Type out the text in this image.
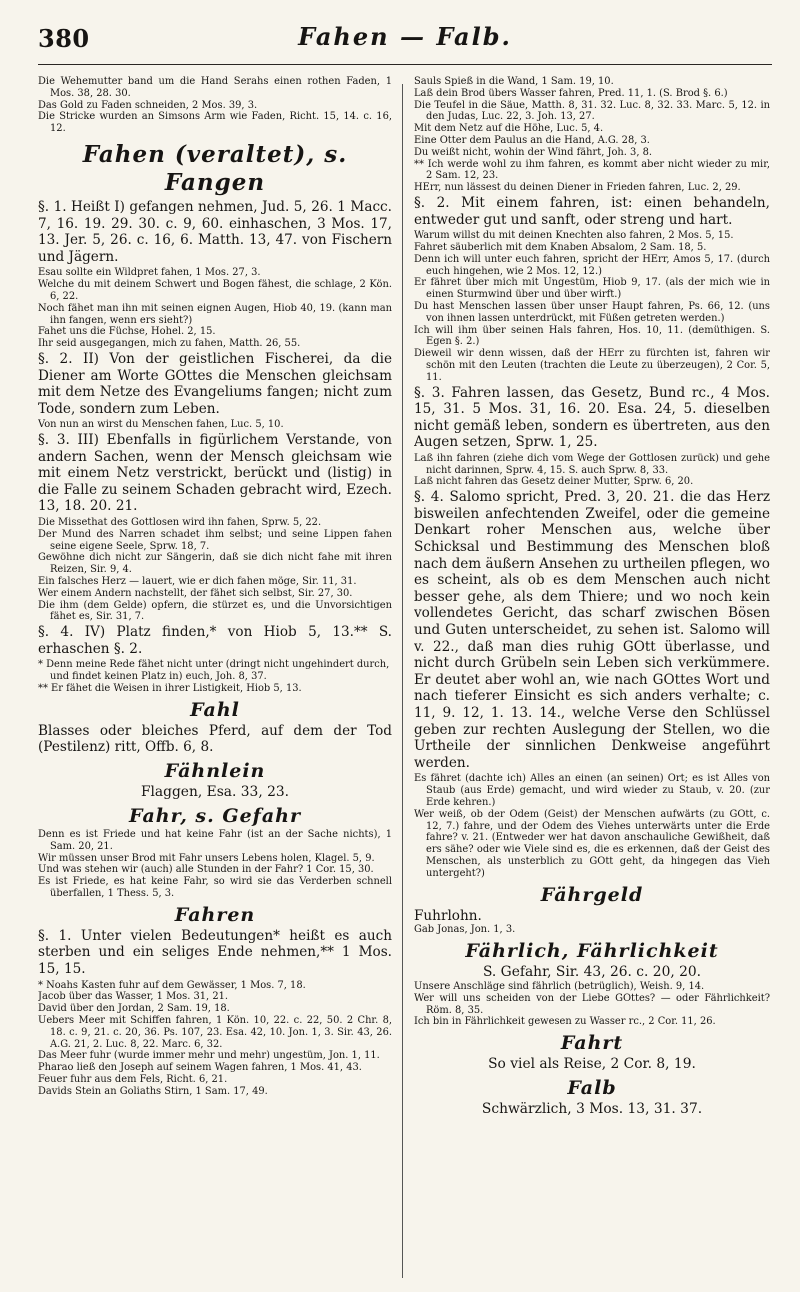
380	Fahen — Falb.

Die Wehemutter band um die Hand Serahs einen rothen Faden, 1 Mos. 38, 28. 30.

Das Gold zu Faden schneiden, 2 Mos. 39, 3.

Die Stricke wurden an Simsons Arm wie Faden, Richt. 15, 14. c. 16, 12.

Fahen (veraltet), s. Fangen

§. 1. Heißt I) gefangen nehmen, Jud. 5, 26. 1 Macc. 7, 16. 19. 29. 30. c. 9, 60. einhaschen, 3 Mos. 17, 13. Jer. 5, 26. c. 16, 6. Matth. 13, 47. von Fischern und Jägern.

Esau sollte ein Wildpret fahen, 1 Mos. 27, 3.

Welche du mit deinem Schwert und Bogen fähest, die schlage, 2 Kön. 6, 22.

Noch fähet man ihn mit seinen eignen Augen, Hiob 40, 19. (kann man ihn fangen, wenn ers sieht?)

Fahet uns die Füchse, Hohel. 2, 15.

Ihr seid ausgegangen, mich zu fahen, Matth. 26, 55.

§. 2. II) Von der geistlichen Fischerei, da die Diener am Worte GOttes die Menschen gleichsam mit dem Netze des Evangeliums fangen; nicht zum Tode, sondern zum Leben.

Von nun an wirst du Menschen fahen, Luc. 5, 10.

§. 3. III) Ebenfalls in figürlichem Verstande, von andern Sachen, wenn der Mensch gleichsam wie mit einem Netz verstrickt, berückt und (listig) in die Falle zu seinem Schaden gebracht wird, Ezech. 13, 18. 20. 21.

Die Missethat des Gottlosen wird ihn fahen, Sprw. 5, 22.

Der Mund des Narren schadet ihm selbst; und seine Lippen fahen seine eigene Seele, Sprw. 18, 7.

Gewöhne dich nicht zur Sängerin, daß sie dich nicht fahe mit ihren Reizen, Sir. 9, 4.

Ein falsches Herz — lauert, wie er dich fahen möge, Sir. 11, 31.

Wer einem Andern nachstellt, der fähet sich selbst, Sir. 27, 30.

Die ihm (dem Gelde) opfern, die stürzet es, und die Unvorsichtigen fähet es, Sir. 31, 7.

§. 4. IV) Platz finden,* von Hiob 5, 13.** S. erhaschen §. 2.

* Denn meine Rede fähet nicht unter (dringt nicht ungehindert durch, und findet keinen Platz in) euch, Joh. 8, 37.

** Er fähet die Weisen in ihrer Listigkeit, Hiob 5, 13.

Fahl

Blasses oder bleiches Pferd, auf dem der Tod (Pestilenz) ritt, Offb. 6, 8.

Fähnlein

Flaggen, Esa. 33, 23.

Fahr, s. Gefahr

Denn es ist Friede und hat keine Fahr (ist an der Sache nichts), 1 Sam. 20, 21.

Wir müssen unser Brod mit Fahr unsers Lebens holen, Klagel. 5, 9.

Und was stehen wir (auch) alle Stunden in der Fahr? 1 Cor. 15, 30.

Es ist Friede, es hat keine Fahr, so wird sie das Verderben schnell überfallen, 1 Thess. 5, 3.

Fahren

§. 1. Unter vielen Bedeutungen* heißt es auch sterben und ein seliges Ende nehmen,** 1 Mos. 15, 15.

* Noahs Kasten fuhr auf dem Gewässer, 1 Mos. 7, 18.

Jacob über das Wasser, 1 Mos. 31, 21.

David über den Jordan, 2 Sam. 19, 18.

Uebers Meer mit Schiffen fahren, 1 Kön. 10, 22. c. 22, 50. 2 Chr. 8, 18. c. 9, 21. c. 20, 36. Ps. 107, 23. Esa. 42, 10. Jon. 1, 3. Sir. 43, 26. A.G. 21, 2. Luc. 8, 22. Marc. 6, 32.

Das Meer fuhr (wurde immer mehr und mehr) ungestüm, Jon. 1, 11.

Pharao ließ den Joseph auf seinem Wagen fahren, 1 Mos. 41, 43.

Feuer fuhr aus dem Fels, Richt. 6, 21.

Davids Stein an Goliaths Stirn, 1 Sam. 17, 49.

Sauls Spieß in die Wand, 1 Sam. 19, 10.

Laß dein Brod übers Wasser fahren, Pred. 11, 1. (S. Brod §. 6.)

Die Teufel in die Säue, Matth. 8, 31. 32. Luc. 8, 32. 33. Marc. 5, 12. in den Judas, Luc. 22, 3. Joh. 13, 27.

Mit dem Netz auf die Höhe, Luc. 5, 4.

Eine Otter dem Paulus an die Hand, A.G. 28, 3.

Du weißt nicht, wohin der Wind fährt, Joh. 3, 8.

** Ich werde wohl zu ihm fahren, es kommt aber nicht wieder zu mir, 2 Sam. 12, 23.

HErr, nun lässest du deinen Diener in Frieden fahren, Luc. 2, 29.

§. 2. Mit einem fahren, ist: einen behandeln, entweder gut und sanft, oder streng und hart.

Warum willst du mit deinen Knechten also fahren, 2 Mos. 5, 15.

Fahret säuberlich mit dem Knaben Absalom, 2 Sam. 18, 5.

Denn ich will unter euch fahren, spricht der HErr, Amos 5, 17. (durch euch hingehen, wie 2 Mos. 12, 12.)

Er fähret über mich mit Ungestüm, Hiob 9, 17. (als der mich wie in einen Sturmwind über und über wirft.)

Du hast Menschen lassen über unser Haupt fahren, Ps. 66, 12. (uns von ihnen lassen unterdrückt, mit Füßen getreten werden.)

Ich will ihm über seinen Hals fahren, Hos. 10, 11. (demüthigen. S. Egen §. 2.)

Dieweil wir denn wissen, daß der HErr zu fürchten ist, fahren wir schön mit den Leuten (trachten die Leute zu überzeugen), 2 Cor. 5, 11.

§. 3. Fahren lassen, das Gesetz, Bund rc., 4 Mos. 15, 31. 5 Mos. 31, 16. 20. Esa. 24, 5. dieselben nicht gemäß leben, sondern es übertreten, aus den Augen setzen, Sprw. 1, 25.

Laß ihn fahren (ziehe dich vom Wege der Gottlosen zurück) und gehe nicht darinnen, Sprw. 4, 15. S. auch Sprw. 8, 33.

Laß nicht fahren das Gesetz deiner Mutter, Sprw. 6, 20.

§. 4. Salomo spricht, Pred. 3, 20. 21. die das Herz bisweilen anfechtenden Zweifel, oder die gemeine Denkart roher Menschen aus, welche über Schicksal und Bestimmung des Menschen bloß nach dem äußern Ansehen zu urtheilen pflegen, wo es scheint, als ob es dem Menschen auch nicht besser gehe, als dem Thiere; und wo noch kein vollendetes Gericht, das scharf zwischen Bösen und Guten unterscheidet, zu sehen ist. Salomo will v. 22., daß man dies ruhig GOtt überlasse, und nicht durch Grübeln sein Leben sich verkümmere. Er deutet aber wohl an, wie nach GOttes Wort und nach tieferer Einsicht es sich anders verhalte; c. 11, 9. 12, 1. 13. 14., welche Verse den Schlüssel geben zur rechten Auslegung der Stellen, wo die Urtheile der sinnlichen Denkweise angeführt werden.

Es fähret (dachte ich) Alles an einen (an seinen) Ort; es ist Alles von Staub (aus Erde) gemacht, und wird wieder zu Staub, v. 20. (zur Erde kehren.)

Wer weiß, ob der Odem (Geist) der Menschen aufwärts (zu GOtt, c. 12, 7.) fahre, und der Odem des Viehes unterwärts unter die Erde fahre? v. 21. (Entweder wer hat davon anschauliche Gewißheit, daß ers sähe? oder wie Viele sind es, die es erkennen, daß der Geist des Menschen, als unsterblich zu GOtt geht, da hingegen das Vieh untergeht?)

Fährgeld

Fuhrlohn.

Gab Jonas, Jon. 1, 3.

Fährlich, Fährlichkeit

S. Gefahr, Sir. 43, 26. c. 20, 20.

Unsere Anschläge sind fährlich (betrüglich), Weish. 9, 14.

Wer will uns scheiden von der Liebe GOttes? — oder Fährlichkeit? Röm. 8, 35.

Ich bin in Fährlichkeit gewesen zu Wasser rc., 2 Cor. 11, 26.

Fahrt

So viel als Reise, 2 Cor. 8, 19.

Falb

Schwärzlich, 3 Mos. 13, 31. 37.
